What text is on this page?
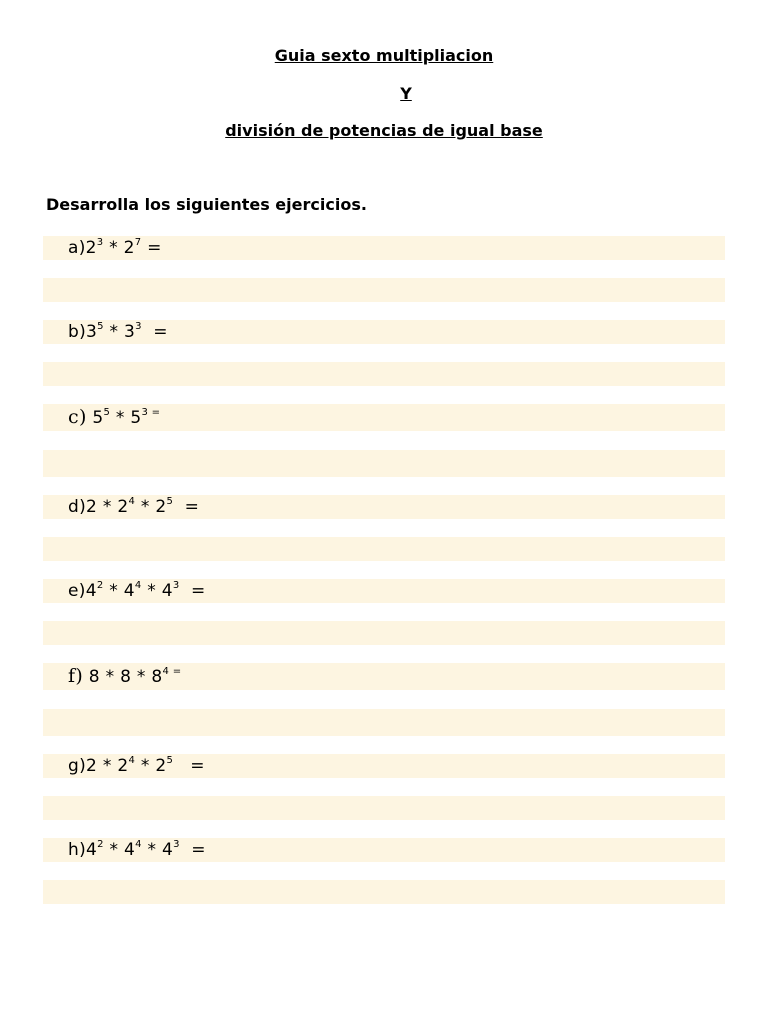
Guia sexto multipliacion
Y
división de potencias de igual base
Desarrolla los siguientes ejercicios.
$a)2^3 * 2^7$ =
$b)3^5 * 3^3$  =
c) $5^5 * 5^{3 =}$
$d)2 * 2^4 * 2^5$  =
$e)4^2 * 4^4 * 4^3$  =
f) $8 * 8 * 8^{4 =}$
$g)2 * 2^4 * 2^5$   =
$h)4^2 * 4^4 * 4^3$  =
